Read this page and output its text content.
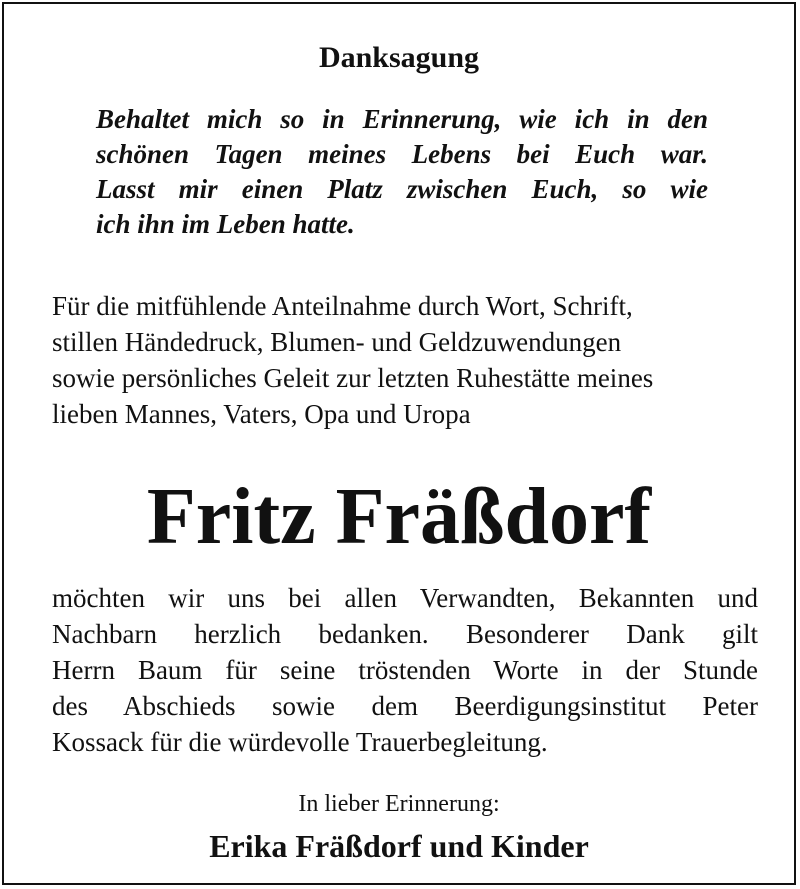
Danksagung
Behaltet mich so in Erinnerung, wie ich in den
schönen Tagen meines Lebens bei Euch war.
Lasst mir einen Platz zwischen Euch, so wie
ich ihn im Leben hatte.
Für die mitfühlende Anteilnahme durch Wort, Schrift,
stillen Händedruck, Blumen- und Geldzuwendungen
sowie persönliches Geleit zur letzten Ruhestätte meines
lieben Mannes, Vaters, Opa und Uropa
Fritz Fräßdorf
möchten wir uns bei allen Verwandten, Bekannten und
Nachbarn herzlich bedanken. Besonderer Dank gilt
Herrn Baum für seine tröstenden Worte in der Stunde
des Abschieds sowie dem Beerdigungsinstitut Peter
Kossack für die würdevolle Trauerbegleitung.
In lieber Erinnerung:
Erika Fräßdorf und Kinder
